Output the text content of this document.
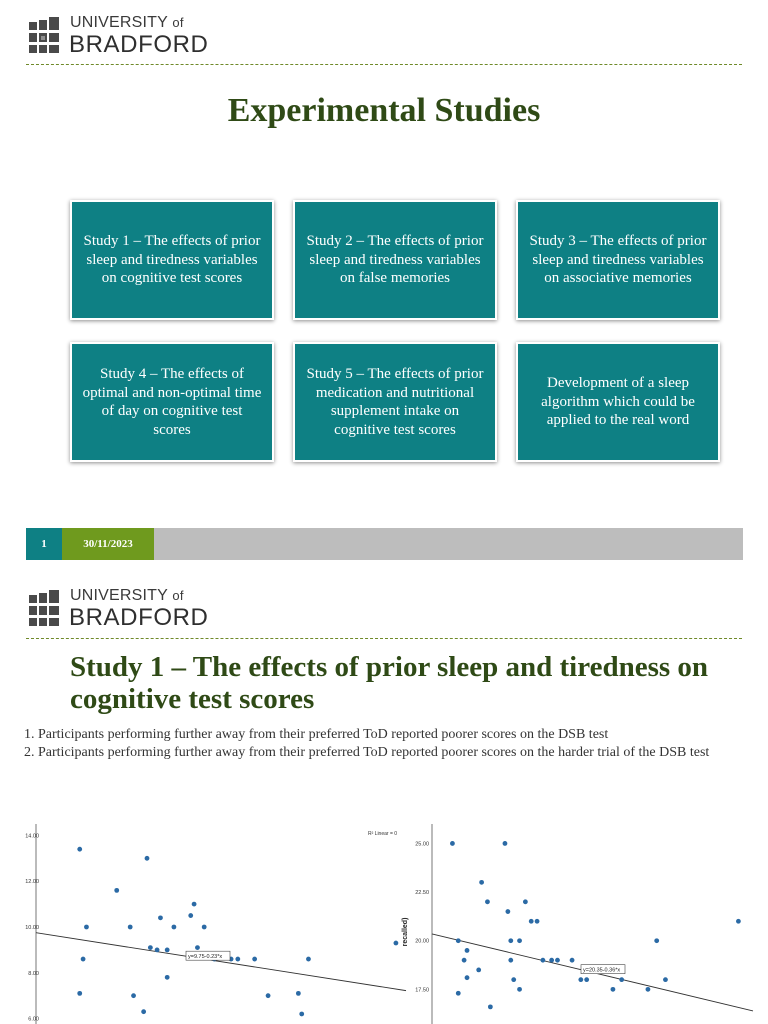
UNIVERSITY of
BRADFORD
Experimental Studies
Study 1 – The effects of prior sleep and tiredness variables on cognitive test scores
Study 2 – The effects of prior sleep and tiredness variables on false memories
Study 3 – The effects of prior sleep and tiredness variables on associative memories
Study 4 – The effects of optimal and non-optimal time of day on cognitive test scores
Study 5 – The effects of prior medication and nutritional supplement intake on cognitive test scores
Development of a sleep algorithm which could be applied to the real word
1	30/11/2023
UNIVERSITY of
BRADFORD
Study 1 – The effects of prior sleep and tiredness on cognitive test scores

1. Participants performing further away from their preferred ToD reported poorer scores on the DSB test

2. Participants performing further away from their preferred ToD reported poorer scores on the harder trial of the DSB test

6.00
8.00
10.00
12.00
14.00
y=9.75-0.23*x
R² Linear = 0
17.50
20.00
22.50
25.00
recalled)
y=20.35-0.36*x
